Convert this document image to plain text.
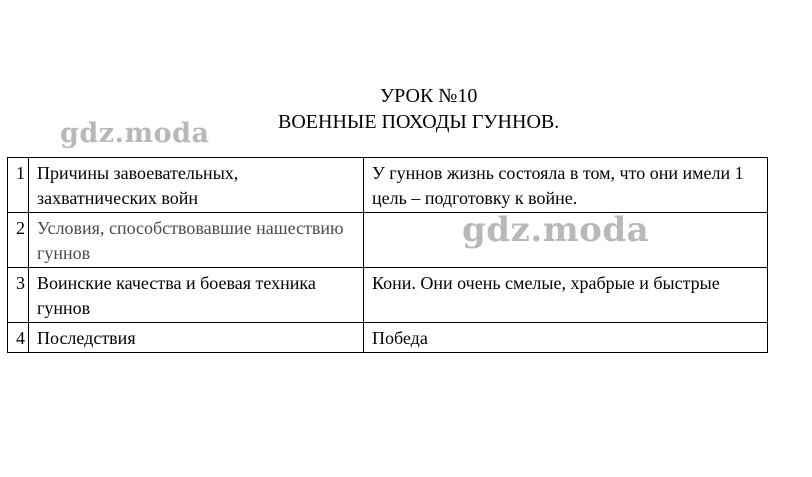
УРОК №10
ВОЕННЫЕ ПОХОДЫ ГУННОВ.
1	Причины завоевательных, захватнических войн	У гуннов жизнь состояла в том, что они имели 1 цель – подготовку к войне.
2	Условия, способствовавшие нашествию гуннов	
3	Воинские качества и боевая техника гуннов	Кони. Они очень смелые, храбрые и быстрые
4	Последствия	Победа
gdz.moda
gdz.moda
